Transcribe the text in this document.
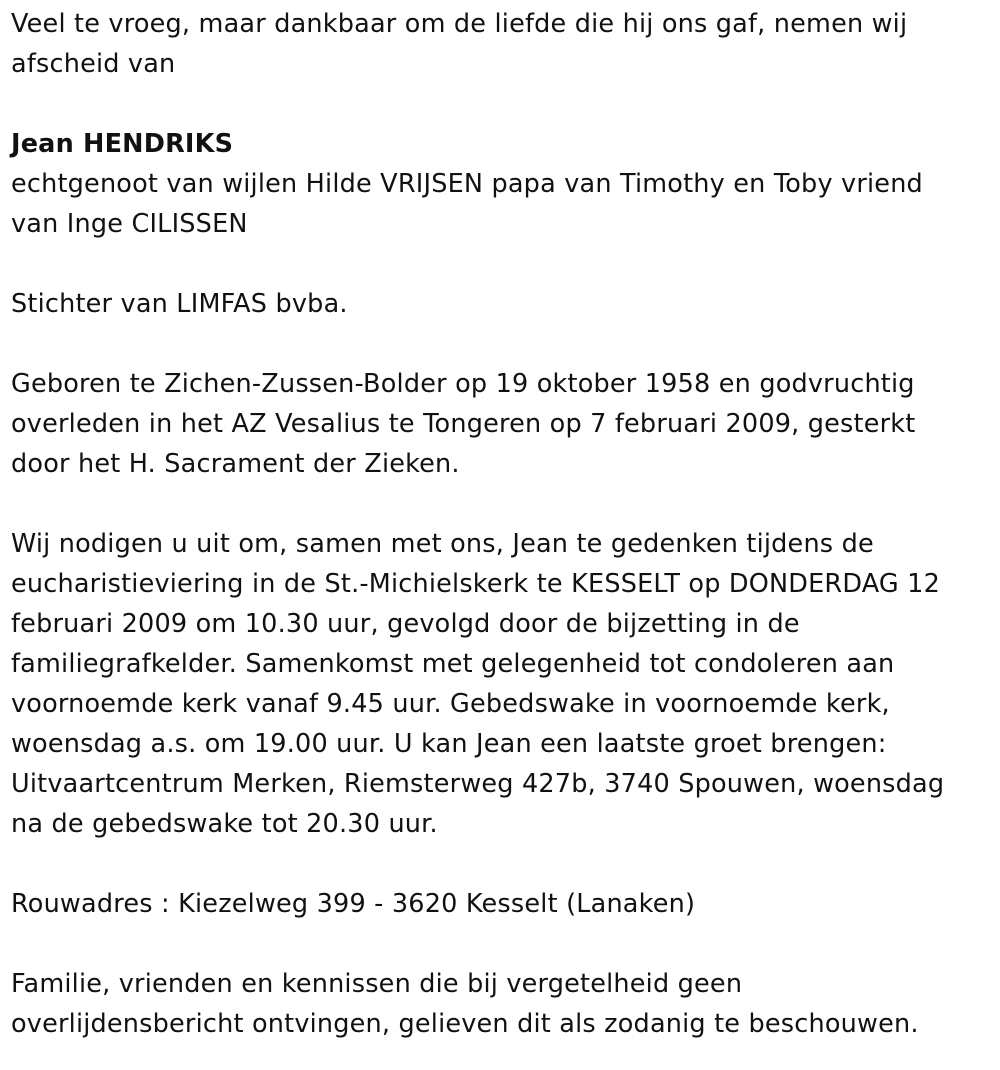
Veel te vroeg, maar dankbaar om de liefde die hij ons gaf, nemen wij
afscheid van

Jean HENDRIKS

echtgenoot van wijlen Hilde VRIJSEN papa van Timothy en Toby vriend
van Inge CILISSEN

Stichter van LIMFAS bvba.

Geboren te Zichen-Zussen-Bolder op 19 oktober 1958 en godvruchtig
overleden in het AZ Vesalius te Tongeren op 7 februari 2009, gesterkt
door het H. Sacrament der Zieken.

Wij nodigen u uit om, samen met ons, Jean te gedenken tijdens de
eucharistieviering in de St.-Michielskerk te KESSELT op DONDERDAG 12
februari 2009 om 10.30 uur, gevolgd door de bijzetting in de
familiegrafkelder. Samenkomst met gelegenheid tot condoleren aan
voornoemde kerk vanaf 9.45 uur. Gebedswake in voornoemde kerk,
woensdag a.s. om 19.00 uur. U kan Jean een laatste groet brengen:
Uitvaartcentrum Merken, Riemsterweg 427b, 3740 Spouwen, woensdag
na de gebedswake tot 20.30 uur.

Rouwadres : Kiezelweg 399 - 3620 Kesselt (Lanaken)

Familie, vrienden en kennissen die bij vergetelheid geen
overlijdensbericht ontvingen, gelieven dit als zodanig te beschouwen.
